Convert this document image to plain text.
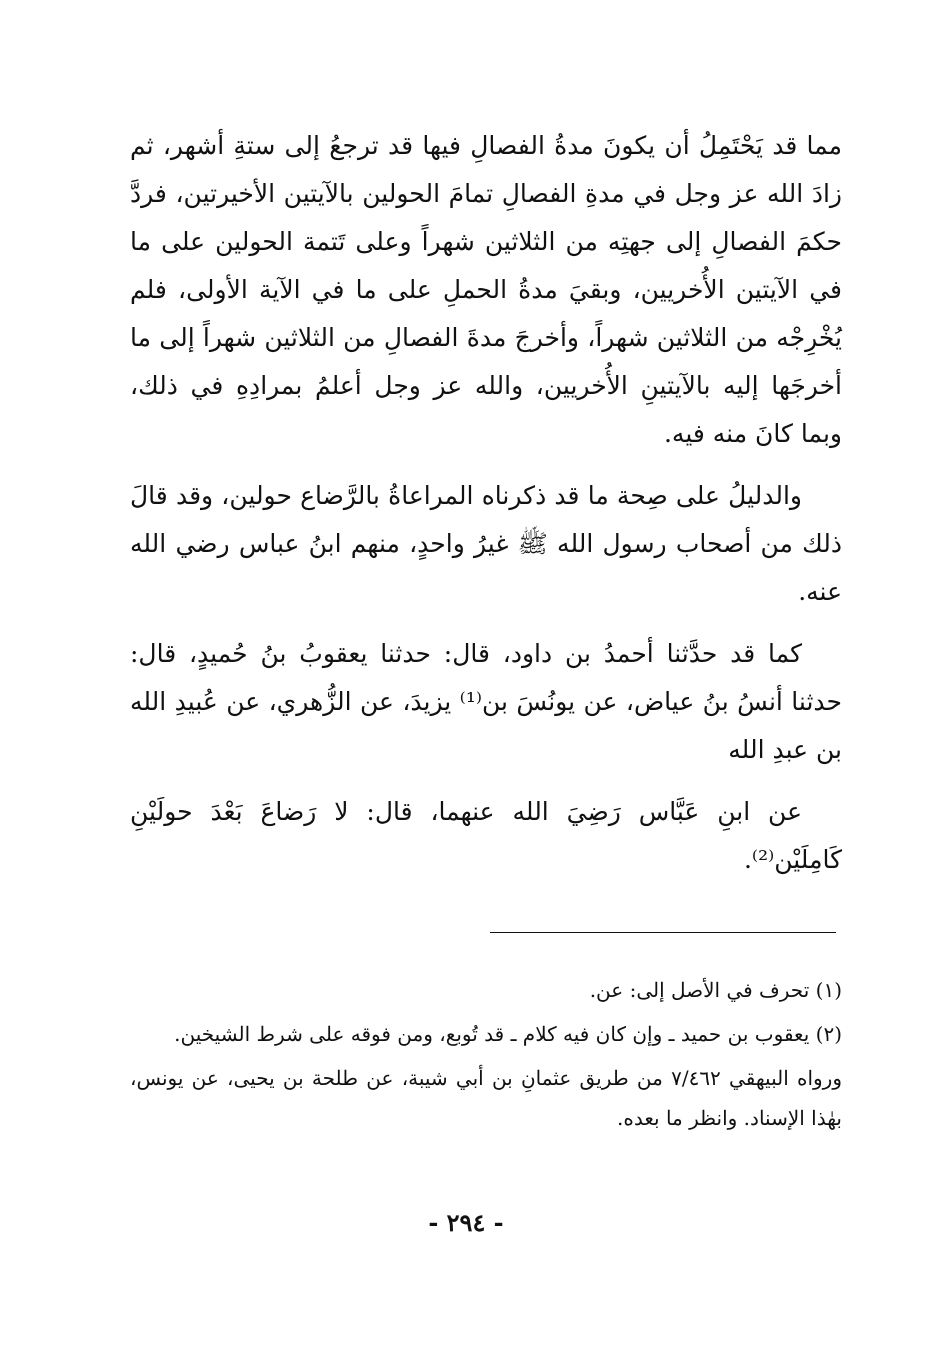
مما قد يَحْتَمِلُ أن يكونَ مدةُ الفصالِ فيها قد ترجعُ إلى ستةِ أشهر، ثم زادَ الله عز وجل في مدةِ الفصالِ تمامَ الحولين بالآيتين الأخيرتين، فردَّ حكمَ الفصالِ إلى جهتِه من الثلاثين شهراً وعلى تَتمة الحولين على ما في الآيتين الأُخريين، وبقيَ مدةُ الحملِ على ما في الآية الأولى، فلم يُخْرِجْه من الثلاثين شهراً، وأخرجَ مدةَ الفصالِ من الثلاثين شهراً إلى ما أخرجَها إليه بالآيتينِ الأُخريين، والله عز وجل أعلمُ بمرادِهِ في ذلك، وبما كانَ منه فيه.

والدليلُ على صِحة ما قد ذكرناه المراعاةُ بالرَّضاع حولين، وقد قالَ ذلك من أصحاب رسول الله ﷺ غيرُ واحدٍ، منهم ابنُ عباس رضي الله عنه.

كما قد حدَّثنا أحمدُ بن داود، قال: حدثنا يعقوبُ بنُ حُميدٍ، قال: حدثنا أنسُ بنُ عياض، عن يونُسَ بن⁽¹⁾ يزيدَ، عن الزُّهري، عن عُبيدِ الله بن عبدِ الله

عن ابنِ عَبَّاس رَضِيَ الله عنهما، قال: لا رَضاعَ بَعْدَ حولَيْنِ كَامِلَيْن⁽²⁾.

(١) تحرف في الأصل إلى: عن.

(٢) يعقوب بن حميد ـ وإن كان فيه كلام ـ قد تُوبع، ومن فوقه على شرط الشيخين.

ورواه البيهقي ٧/٤٦٢ من طريق عثمانِ بن أبي شيبة، عن طلحة بن يحيى، عن يونس، بهٰذا الإسناد. وانظر ما بعده.

- ٢٩٤ -
